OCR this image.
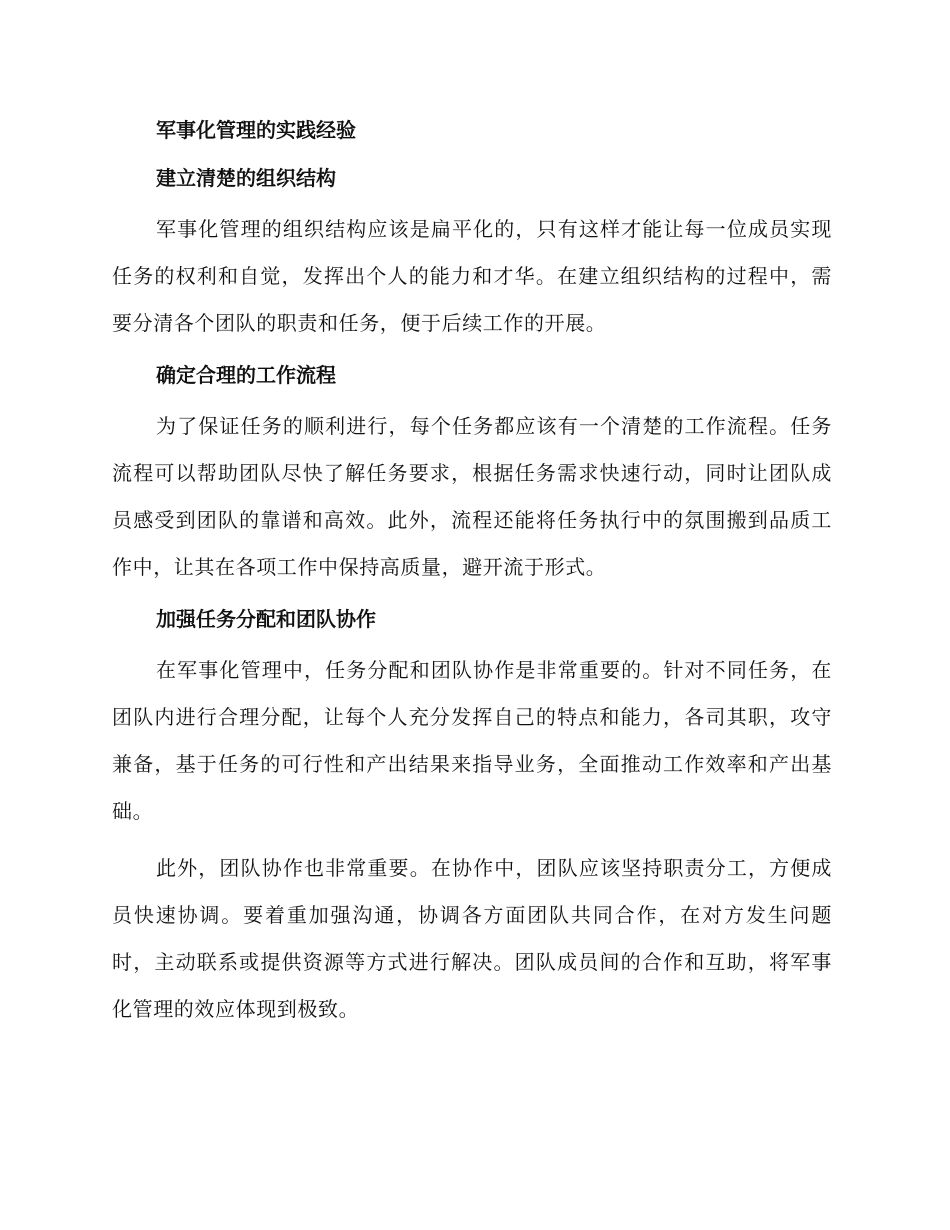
军事化管理的实践经验
建立清楚的组织结构

军事化管理的组织结构应该是扁平化的，只有这样才能让每一位成员实现任务的权利和自觉，发挥出个人的能力和才华。在建立组织结构的过程中，需要分清各个团队的职责和任务，便于后续工作的开展。

确定合理的工作流程

为了保证任务的顺利进行，每个任务都应该有一个清楚的工作流程。任务流程可以帮助团队尽快了解任务要求，根据任务需求快速行动，同时让团队成员感受到团队的靠谱和高效。此外，流程还能将任务执行中的氛围搬到品质工作中，让其在各项工作中保持高质量，避开流于形式。

加强任务分配和团队协作

在军事化管理中，任务分配和团队协作是非常重要的。针对不同任务，在团队内进行合理分配，让每个人充分发挥自己的特点和能力，各司其职，攻守兼备，基于任务的可行性和产出结果来指导业务，全面推动工作效率和产出基础。

此外，团队协作也非常重要。在协作中，团队应该坚持职责分工，方便成员快速协调。要着重加强沟通，协调各方面团队共同合作，在对方发生问题时，主动联系或提供资源等方式进行解决。团队成员间的合作和互助，将军事化管理的效应体现到极致。
